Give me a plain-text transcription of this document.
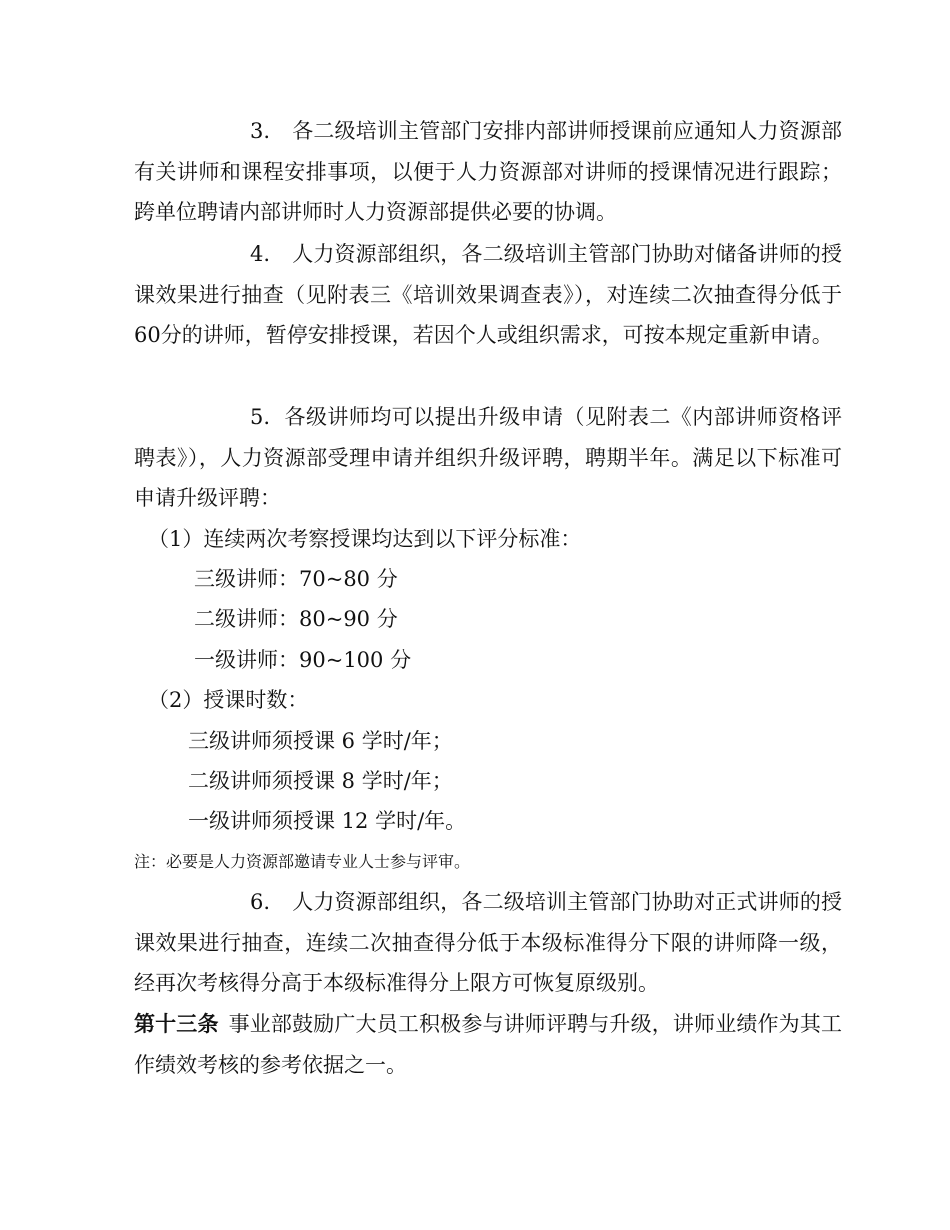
3. 各二级培训主管部门安排内部讲师授课前应通知人力资源部有关讲师和课程安排事项，以便于人力资源部对讲师的授课情况进行跟踪；跨单位聘请内部讲师时人力资源部提供必要的协调。
4. 人力资源部组织，各二级培训主管部门协助对储备讲师的授课效果进行抽查（见附表三《培训效果调查表》），对连续二次抽查得分低于60分的讲师，暂停安排授课，若因个人或组织需求，可按本规定重新申请。
5. 各级讲师均可以提出升级申请（见附表二《内部讲师资格评聘表》），人力资源部受理申请并组织升级评聘，聘期半年。满足以下标准可申请升级评聘：
（1）连续两次考察授课均达到以下评分标准：
三级讲师：70~80 分
二级讲师：80~90 分
一级讲师：90~100 分
（2）授课时数：
三级讲师须授课 6 学时/年；
二级讲师须授课 8 学时/年；
一级讲师须授课 12 学时/年。
注：必要是人力资源部邀请专业人士参与评审。
6. 人力资源部组织，各二级培训主管部门协助对正式讲师的授课效果进行抽查，连续二次抽查得分低于本级标准得分下限的讲师降一级，经再次考核得分高于本级标准得分上限方可恢复原级别。
第十三条 事业部鼓励广大员工积极参与讲师评聘与升级，讲师业绩作为其工作绩效考核的参考依据之一。
